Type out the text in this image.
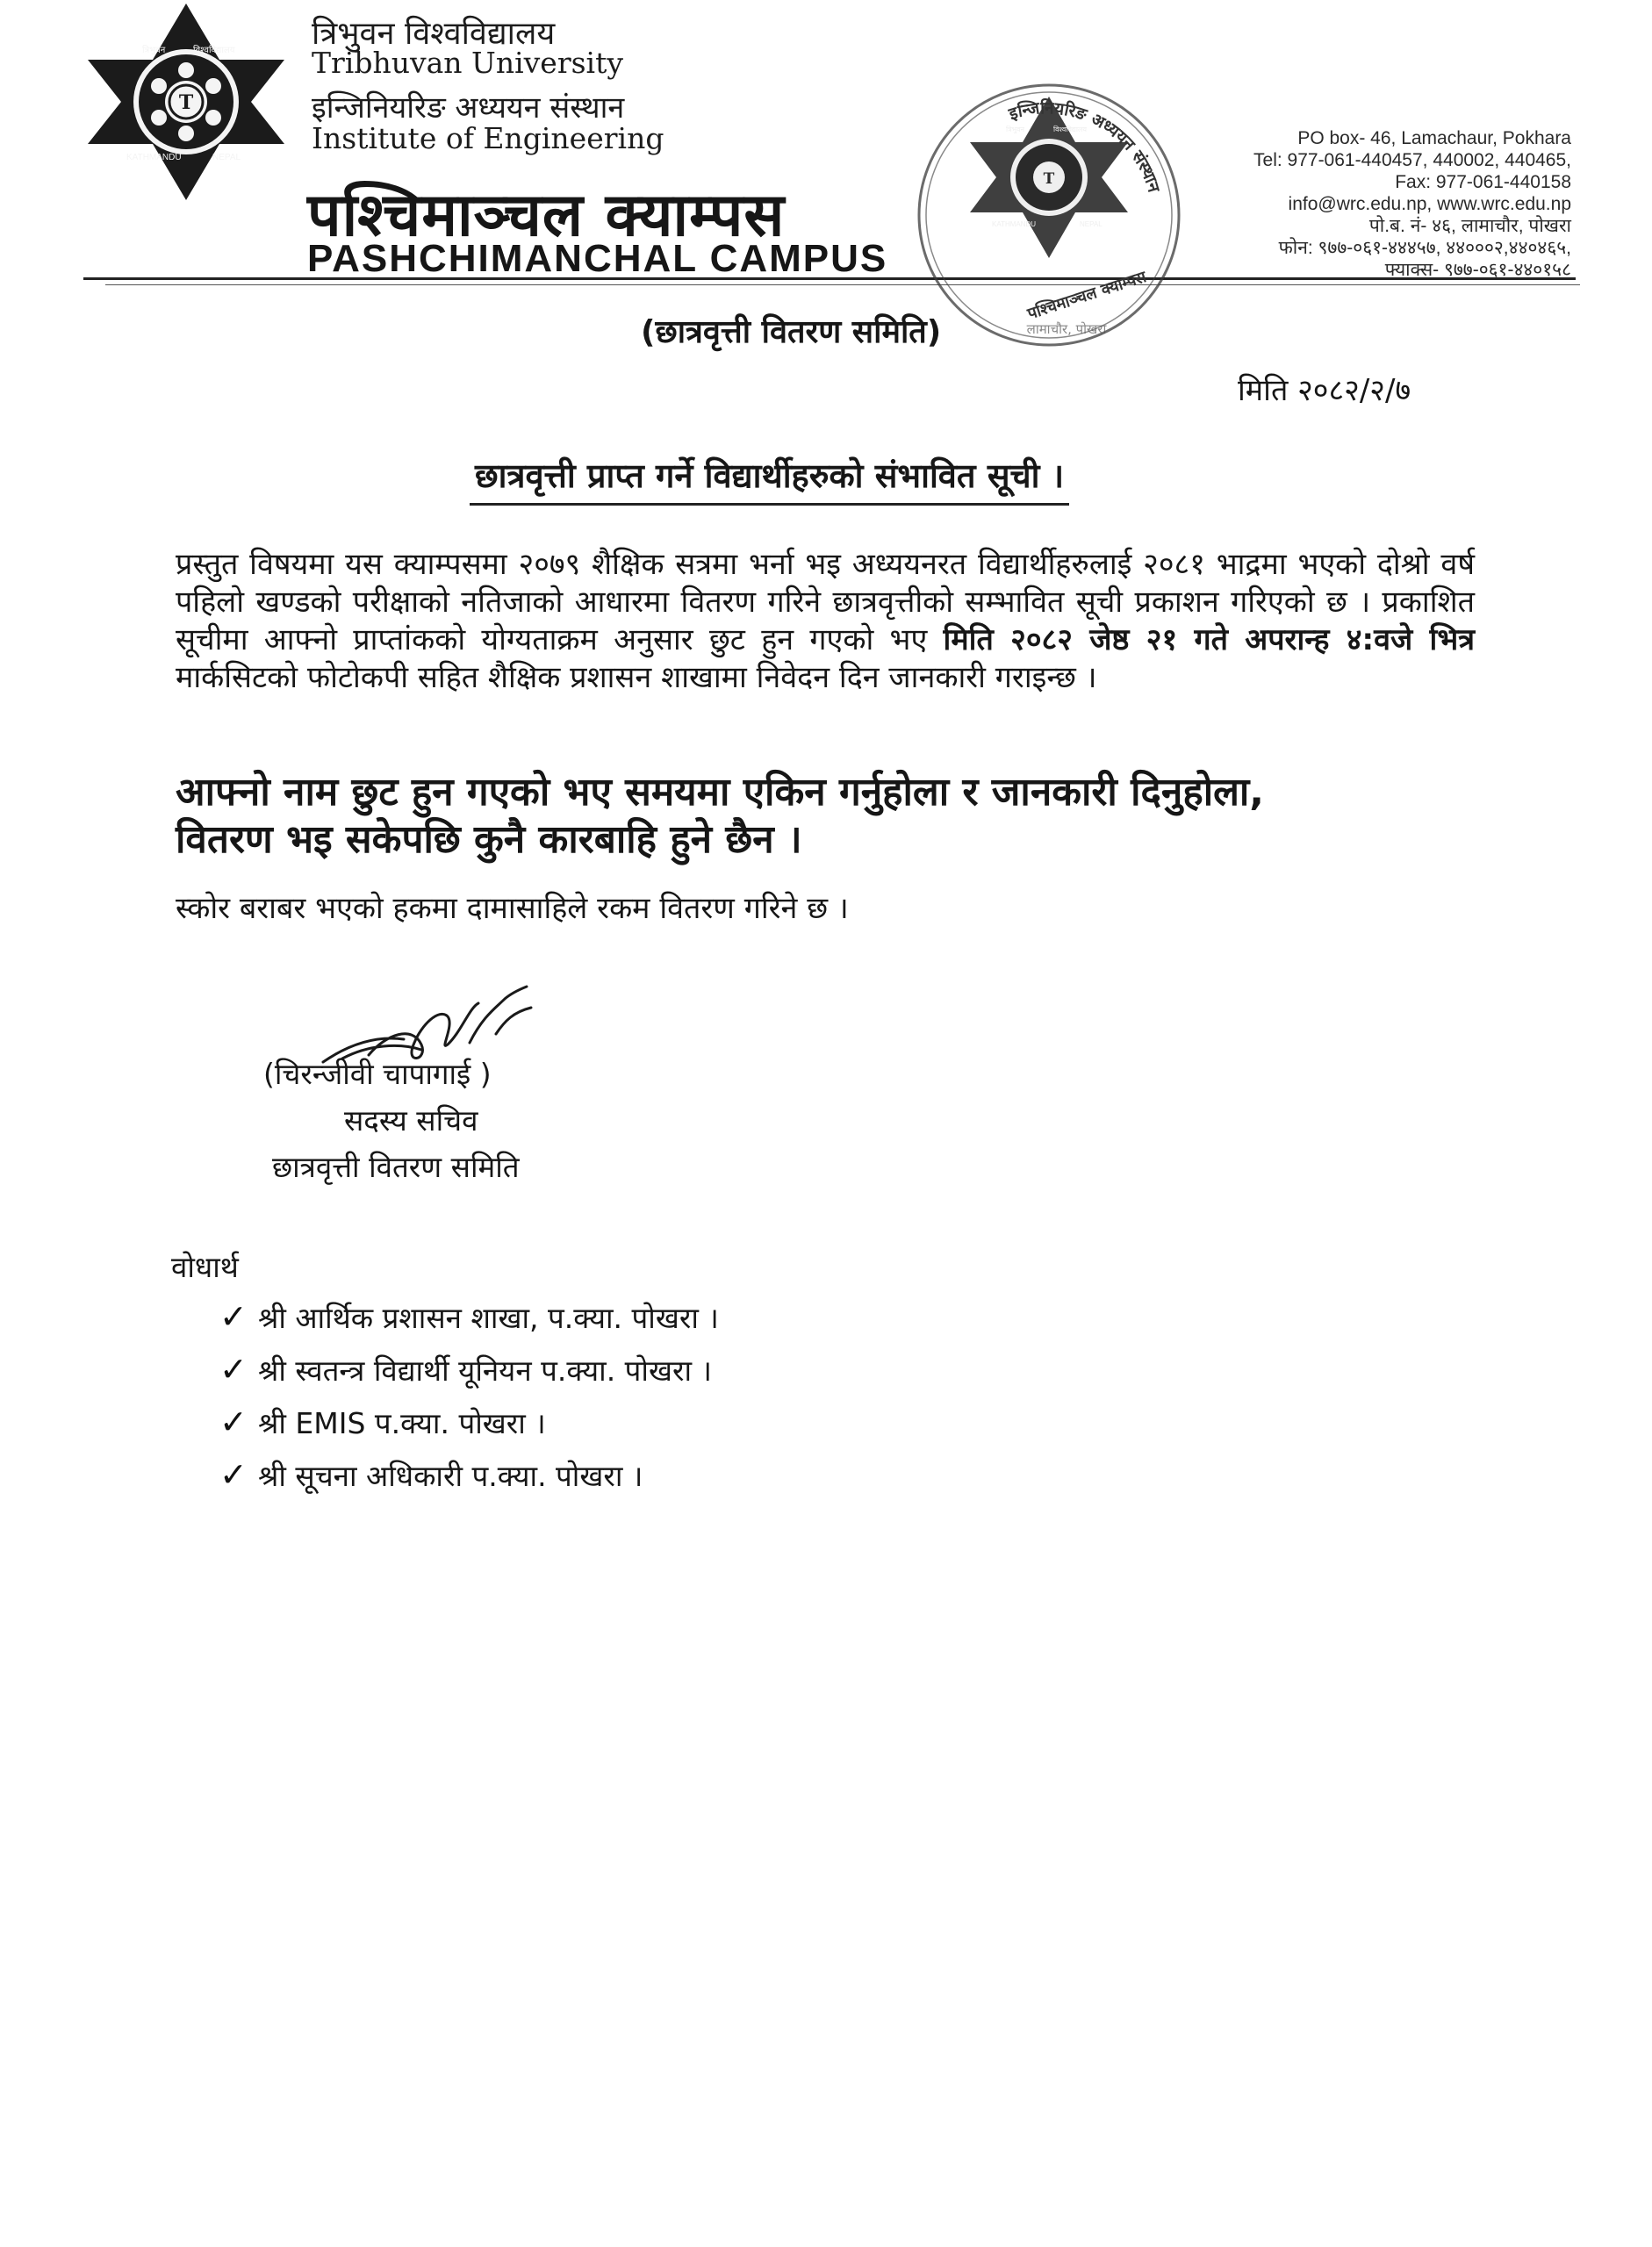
T
त्रिभुवन	विश्वविद्यालय
KATHMANDU	NEPAL
त्रिभुवन विश्वविद्यालय
Tribhuvan University
इन्जिनियरिङ अध्ययन संस्थान
Institute of Engineering
पश्चिमाञ्चल क्याम्पस
PASHCHIMANCHAL CAMPUS
PO box- 46, Lamachaur, Pokhara
Tel: 977-061-440457, 440002, 440465,
Fax: 977-061-440158
info@wrc.edu.np, www.wrc.edu.np
पो.ब. नं- ४६, लामाचौर, पोखरा
फोन: ९७७-०६१-४४४५७, ४४०००२,४४०४६५,
फ्याक्स- ९७७-०६१-४४०१५८
T
त्रिभुवन	विश्वविद्यालय
KATHMANDU	NEPAL
इन्जिनियरिङ अध्ययन संस्थान
पश्चिमाञ्चल क्याम्पस
लामाचौर, पोखरा
(छात्रवृत्ती वितरण समिति)
मिति २०८२/२/७
छात्रवृत्ती प्राप्त गर्ने विद्यार्थीहरुको संभावित सूची ।
प्रस्तुत विषयमा यस क्याम्पसमा २०७९ शैक्षिक सत्रमा भर्ना भइ अध्ययनरत विद्यार्थीहरुलाई २०८१ भाद्रमा भएको दोश्रो वर्ष पहिलो खण्डको परीक्षाको नतिजाको आधारमा वितरण गरिने छात्रवृत्तीको सम्भावित सूची प्रकाशन गरिएको छ । प्रकाशित सूचीमा आफ्नो प्राप्तांकको योग्यताक्रम अनुसार छुट हुन गएको भए मिति २०८२ जेष्ठ २१ गते अपरान्ह ४:वजे भित्र मार्कसिटको फोटोकपी सहित शैक्षिक प्रशासन शाखामा निवेदन दिन जानकारी गराइन्छ ।
आफ्नो नाम छुट हुन गएको भए समयमा एकिन गर्नुहोला र जानकारी दिनुहोला,
वितरण भइ सकेपछि कुनै कारबाहि हुने छैन ।
स्कोर बराबर भएको हकमा दामासाहिले रकम वितरण गरिने छ ।
(चिरन्जीवी चापागाई )
सदस्य सचिव
छात्रवृत्ती वितरण समिति
वोधार्थ
✓ श्री आर्थिक प्रशासन शाखा, प.क्या. पोखरा ।
✓ श्री स्वतन्त्र विद्यार्थी यूनियन प.क्या. पोखरा ।
✓ श्री EMIS प.क्या. पोखरा ।
✓ श्री सूचना अधिकारी प.क्या. पोखरा ।
